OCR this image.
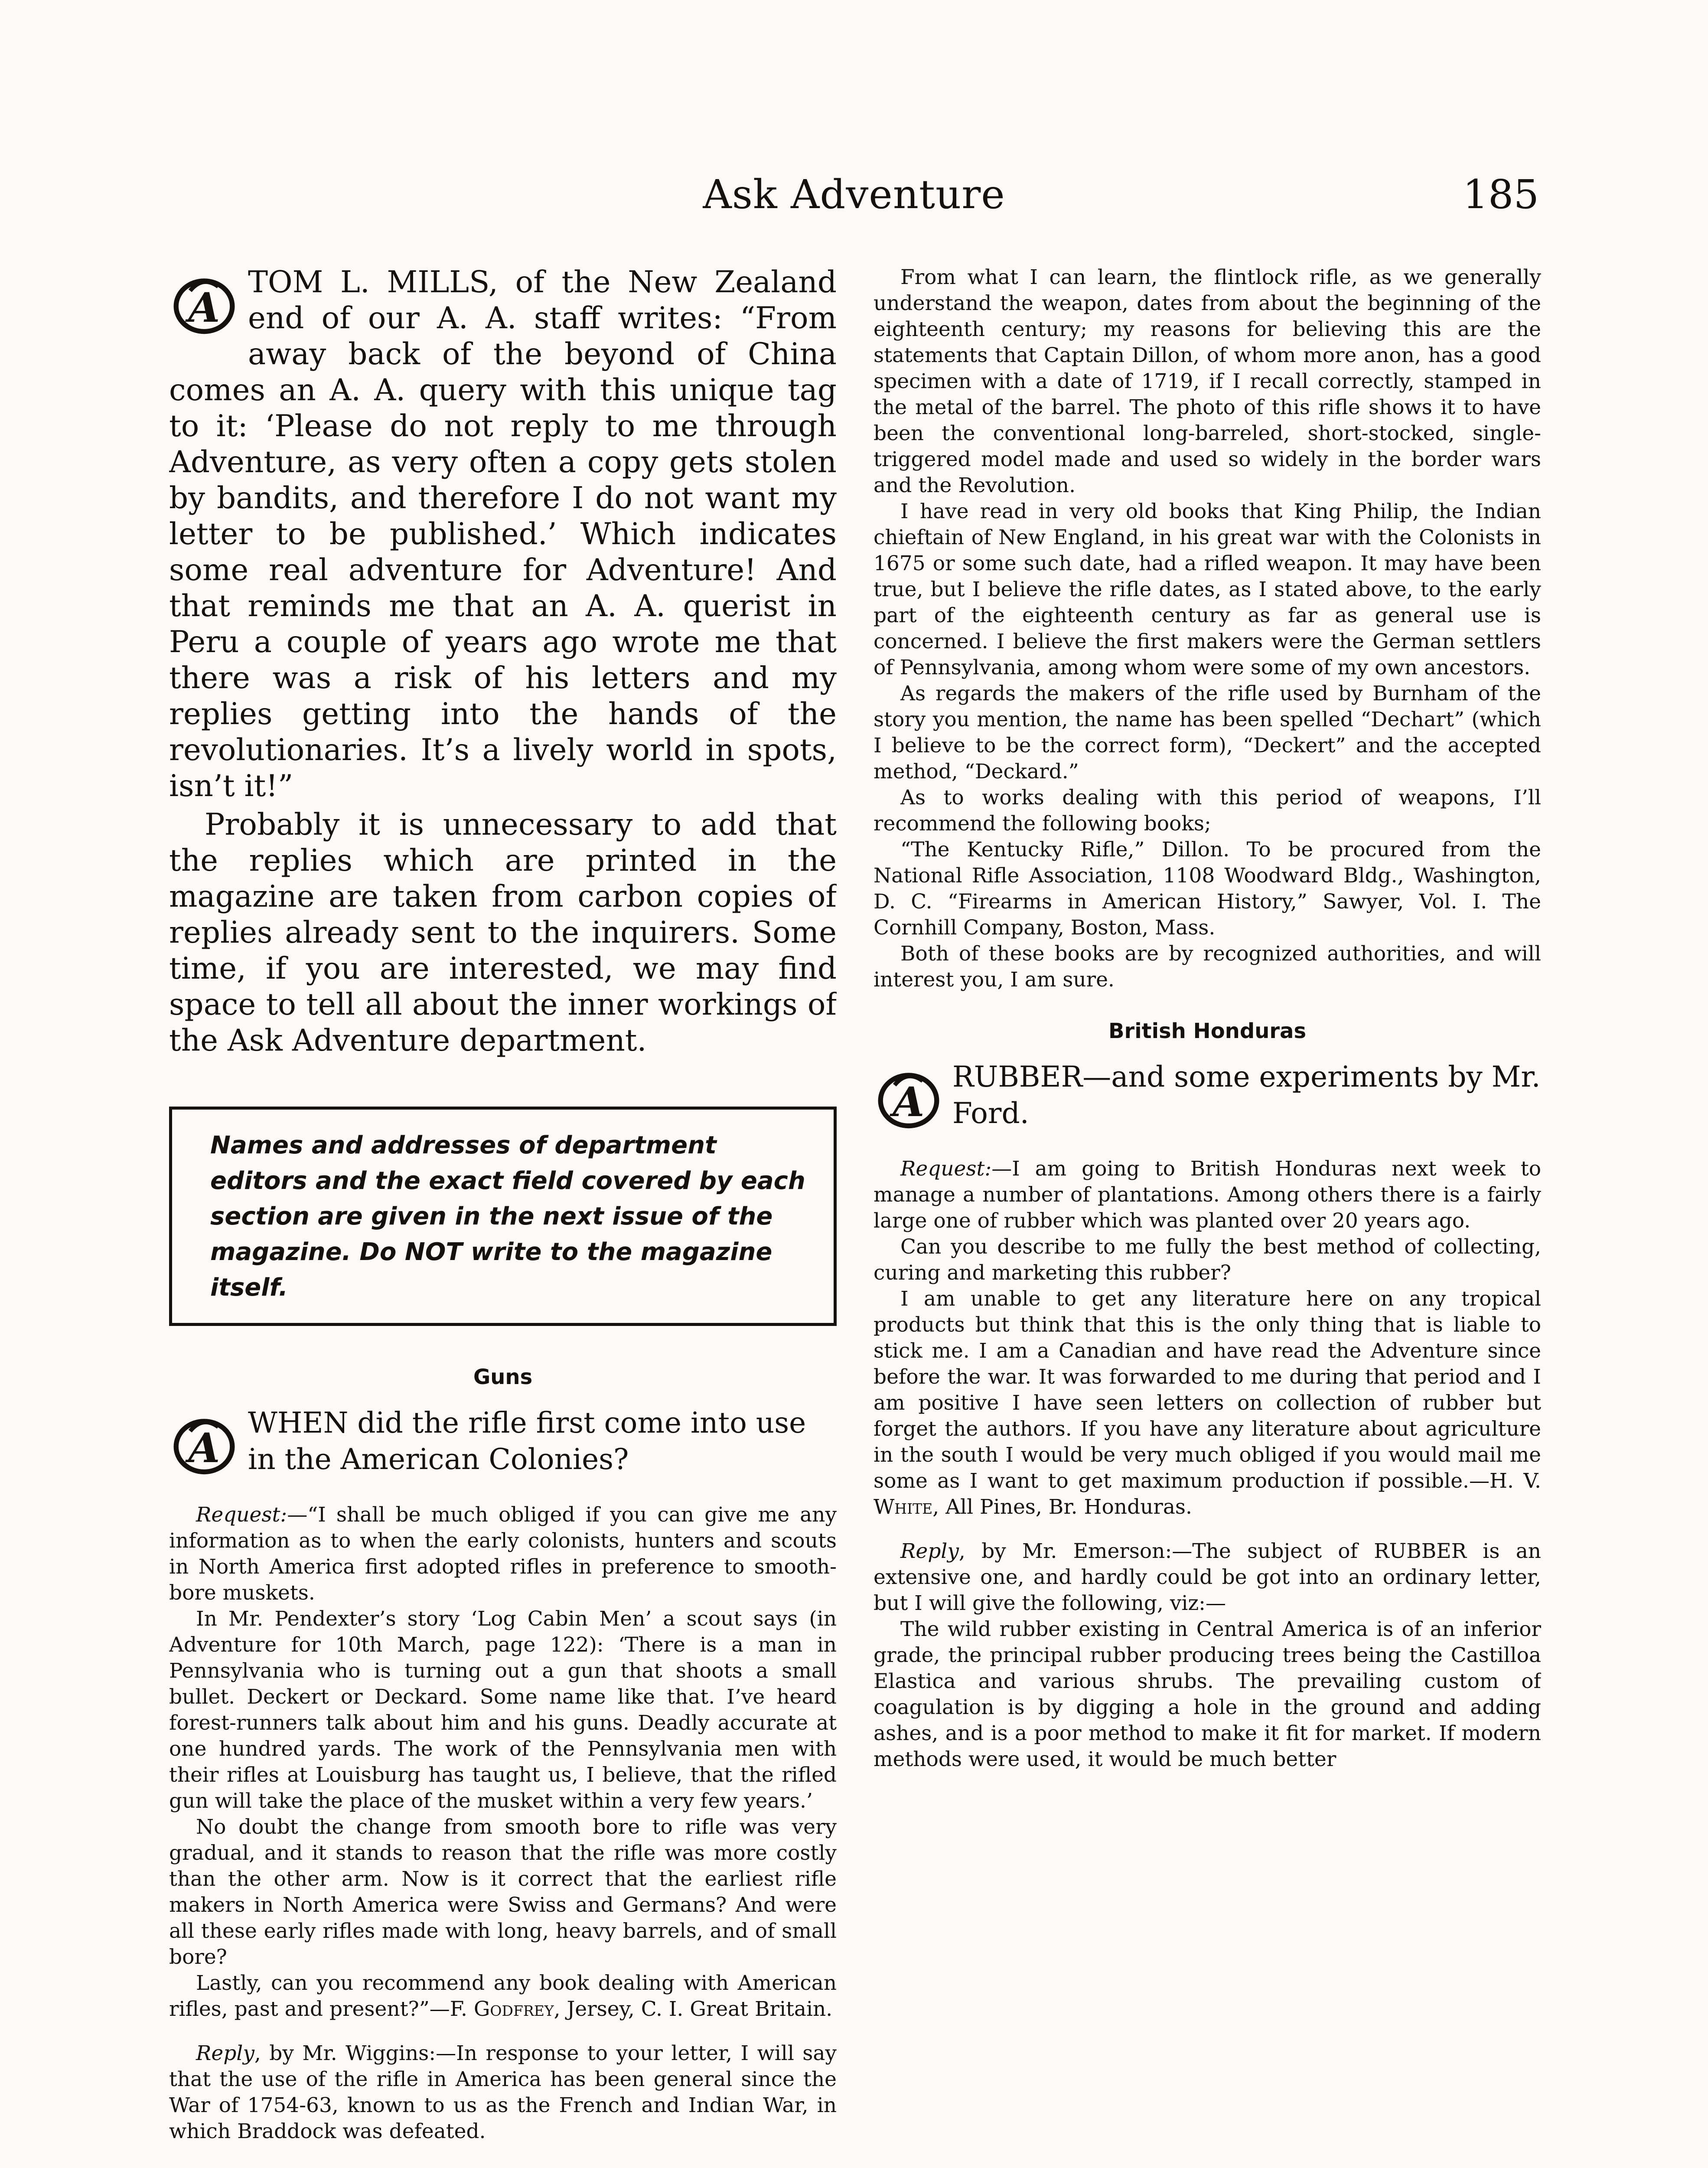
Ask Adventure	185

A
TOM L. MILLS, of the New Zealand end of our A. A. staff writes: “From away back of the beyond of China comes an A. A. query with this unique tag to it: ‘Please do not reply to me through Adventure, as very often a copy gets stolen by bandits, and therefore I do not want my letter to be published.’ Which indicates some real adventure for Adventure! And that reminds me that an A. A. querist in Peru a couple of years ago wrote me that there was a risk of his letters and my replies getting into the hands of the revolutionaries. It’s a lively world in spots, isn’t it!”

Probably it is unnecessary to add that the replies which are printed in the magazine are taken from carbon copies of replies already sent to the inquirers. Some time, if you are interested, we may find space to tell all about the inner workings of the Ask Adventure department.

Names and addresses of department editors and the exact field covered by each section are given in the next issue of the magazine. Do NOT write to the magazine itself.
Guns

A
WHEN did the rifle first come into use in the American Colonies?

Request:—“I shall be much obliged if you can give me any information as to when the early colonists, hunters and scouts in North America first adopted rifles in preference to smooth-bore muskets.

In Mr. Pendexter’s story ‘Log Cabin Men’ a scout says (in Adventure for 10th March, page 122): ‘There is a man in Pennsylvania who is turning out a gun that shoots a small bullet. Deckert or Deckard. Some name like that. I’ve heard forest-runners talk about him and his guns. Deadly accurate at one hundred yards. The work of the Pennsylvania men with their rifles at Louisburg has taught us, I believe, that the rifled gun will take the place of the musket within a very few years.’

No doubt the change from smooth bore to rifle was very gradual, and it stands to reason that the rifle was more costly than the other arm. Now is it correct that the earliest rifle makers in North America were Swiss and Germans? And were all these early rifles made with long, heavy barrels, and of small bore?

Lastly, can you recommend any book dealing with American rifles, past and present?”—F. Godfrey, Jersey, C. I. Great Britain.

Reply, by Mr. Wiggins:—In response to your letter, I will say that the use of the rifle in America has been general since the War of 1754-63, known to us as the French and Indian War, in which Braddock was defeated.

From what I can learn, the flintlock rifle, as we generally understand the weapon, dates from about the beginning of the eighteenth century; my reasons for believing this are the statements that Captain Dillon, of whom more anon, has a good specimen with a date of 1719, if I recall correctly, stamped in the metal of the barrel. The photo of this rifle shows it to have been the conventional long-barreled, short-stocked, single-triggered model made and used so widely in the border wars and the Revolution.

I have read in very old books that King Philip, the Indian chieftain of New England, in his great war with the Colonists in 1675 or some such date, had a rifled weapon. It may have been true, but I believe the rifle dates, as I stated above, to the early part of the eighteenth century as far as general use is concerned. I believe the first makers were the German settlers of Pennsylvania, among whom were some of my own ancestors.

As regards the makers of the rifle used by Burnham of the story you mention, the name has been spelled “Dechart” (which I believe to be the correct form), “Deckert” and the accepted method, “Deckard.”

As to works dealing with this period of weapons, I’ll recommend the following books;

“The Kentucky Rifle,” Dillon. To be procured from the National Rifle Association, 1108 Woodward Bldg., Washington, D. C. “Firearms in American History,” Sawyer, Vol. I. The Cornhill Company, Boston, Mass.

Both of these books are by recognized authorities, and will interest you, I am sure.

British Honduras

A
RUBBER—and some experiments by Mr. Ford.

Request:—I am going to British Honduras next week to manage a number of plantations. Among others there is a fairly large one of rubber which was planted over 20 years ago.

Can you describe to me fully the best method of collecting, curing and marketing this rubber?

I am unable to get any literature here on any tropical products but think that this is the only thing that is liable to stick me. I am a Canadian and have read the Adventure since before the war. It was forwarded to me during that period and I am positive I have seen letters on collection of rubber but forget the authors. If you have any literature about agriculture in the south I would be very much obliged if you would mail me some as I want to get maximum production if possible.—H. V. White, All Pines, Br. Honduras.

Reply, by Mr. Emerson:—The subject of RUBBER is an extensive one, and hardly could be got into an ordinary letter, but I will give the following, viz:—

The wild rubber existing in Central America is of an inferior grade, the principal rubber producing trees being the Castilloa Elastica and various shrubs. The prevailing custom of coagulation is by digging a hole in the ground and adding ashes, and is a poor method to make it fit for market. If modern methods were used, it would be much better
